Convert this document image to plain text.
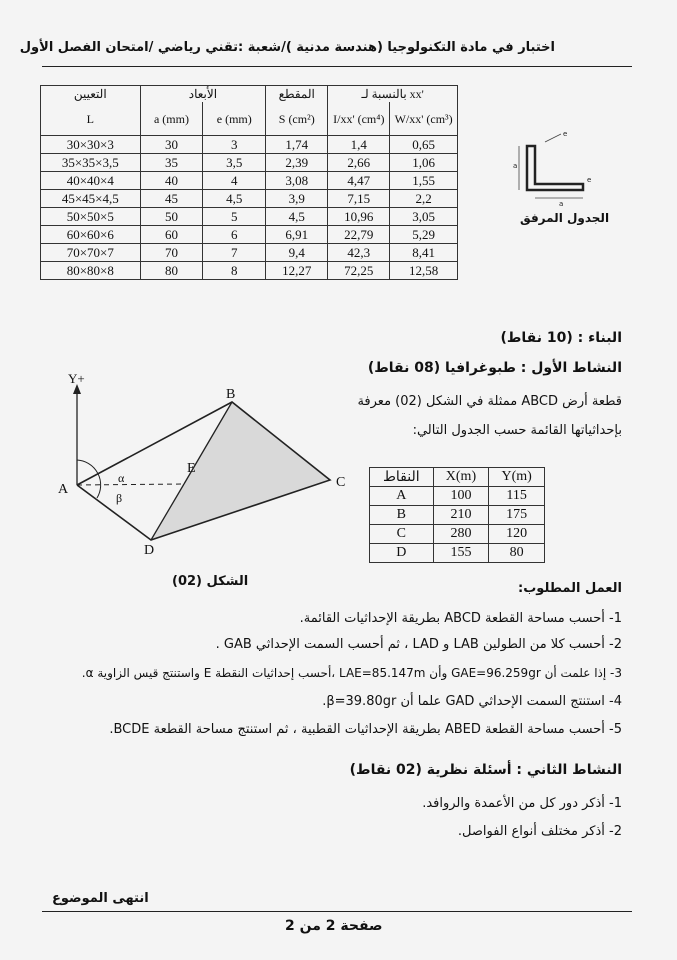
اختبار في مادة التكنولوجيا (هندسة مدنية )/شعبة :تقني رياضي /امتحان الفصل الأول
التعيين	الأبعاد		المقطع	بالنسبة لـ xx'	
L	a (mm)	e (mm)	S (cm²)	I/xx' (cm⁴)	W/xx' (cm³)
30×30×3	30	3	1,74	1,4	0,65
35×35×3,5	35	3,5	2,39	2,66	1,06
40×40×4	40	4	3,08	4,47	1,55
45×45×4,5	45	4,5	3,9	7,15	2,2
50×50×5	50	5	4,5	10,96	3,05
60×60×6	60	6	6,91	22,79	5,29
70×70×7	70	7	9,4	42,3	8,41
80×80×8	80	8	12,27	72,25	12,58
a
a
e
e
الجدول المرفق
البناء : (10 نقاط)
النشاط الأول : طبوغرافيا (08 نقاط)
قطعة أرض ABCD ممثلة في الشكل (02) معرفة
بإحداثياتها القائمة حسب الجدول التالي:
النقاط	X(m)	Y(m)
A	100	115
B	210	175
C	280	120
D	155	80
Y+
A
B
C
D
E
α
β
الشكل (02)	العمل المطلوب:
1- أحسب مساحة القطعة ABCD بطريقة الإحداثيات القائمة.
2- أحسب كلا من الطولين LAB و LAD ، ثم أحسب السمت الإحداثي GAB .
3- إذا علمت أن GAE=96.259gr وأن LAE=85.147m ،أحسب إحداثيات النقطة E واستنتج قيس الزاوية α.
4- استنتج السمت الإحداثي GAD علما أن β=39.80gr.
5- أحسب مساحة القطعة ABED بطريقة الإحداثيات القطبية ، ثم استنتج مساحة القطعة BCDE.
النشاط الثاني : أسئلة نظرية (02 نقاط)
1- أذكر دور كل من الأعمدة والروافد.
2- أذكر مختلف أنواع الفواصل.
انتهى الموضوع
صفحة 2 من 2
